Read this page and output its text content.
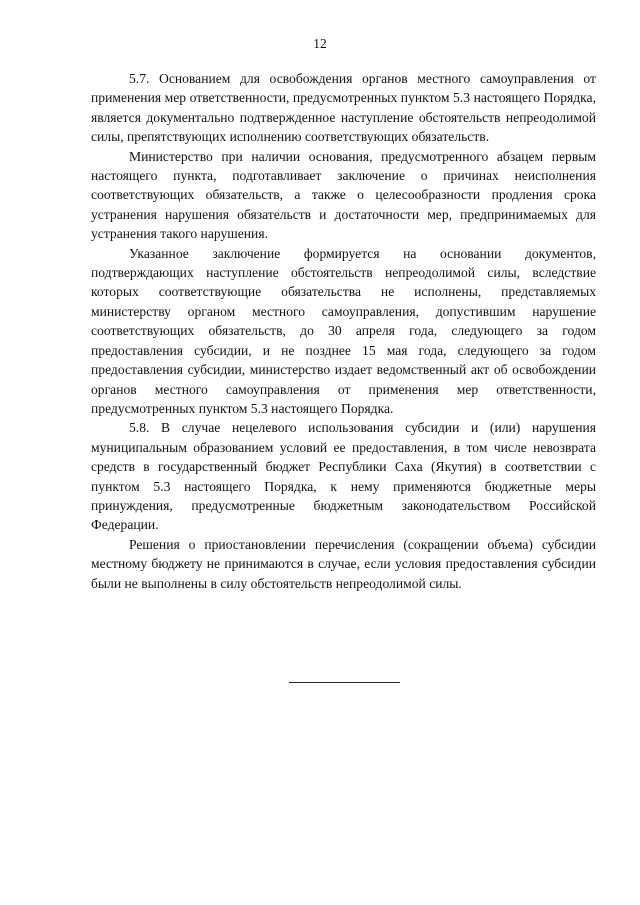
12

5.7. Основанием для освобождения органов местного самоуправления от применения мер ответственности, предусмотренных пунктом 5.3 настоящего Порядка, является документально подтвержденное наступление обстоятельств непреодолимой силы, препятствующих исполнению соответствующих обязательств.

Министерство при наличии основания, предусмотренного абзацем первым настоящего пункта, подготавливает заключение о причинах неисполнения соответствующих обязательств, а также о целесообразности продления срока устранения нарушения обязательств и достаточности мер, предпринимаемых для устранения такого нарушения.

Указанное заключение формируется на основании документов, подтверждающих наступление обстоятельств непреодолимой силы, вследствие которых соответствующие обязательства не исполнены, представляемых министерству органом местного самоуправления, допустившим нарушение соответствующих обязательств, до 30 апреля года, следующего за годом предоставления субсидии, и не позднее 15 мая года, следующего за годом предоставления субсидии, министерство издает ведомственный акт об освобождении органов местного самоуправления от применения мер ответственности, предусмотренных пунктом 5.3 настоящего Порядка.

5.8. В случае нецелевого использования субсидии и (или) нарушения муниципальным образованием условий ее предоставления, в том числе невозврата средств в государственный бюджет Республики Саха (Якутия) в соответствии с пунктом 5.3 настоящего Порядка, к нему применяются бюджетные меры принуждения, предусмотренные бюджетным законодательством Российской Федерации.

Решения о приостановлении перечисления (сокращении объема) субсидии местному бюджету не принимаются в случае, если условия предоставления субсидии были не выполнены в силу обстоятельств непреодолимой силы.
